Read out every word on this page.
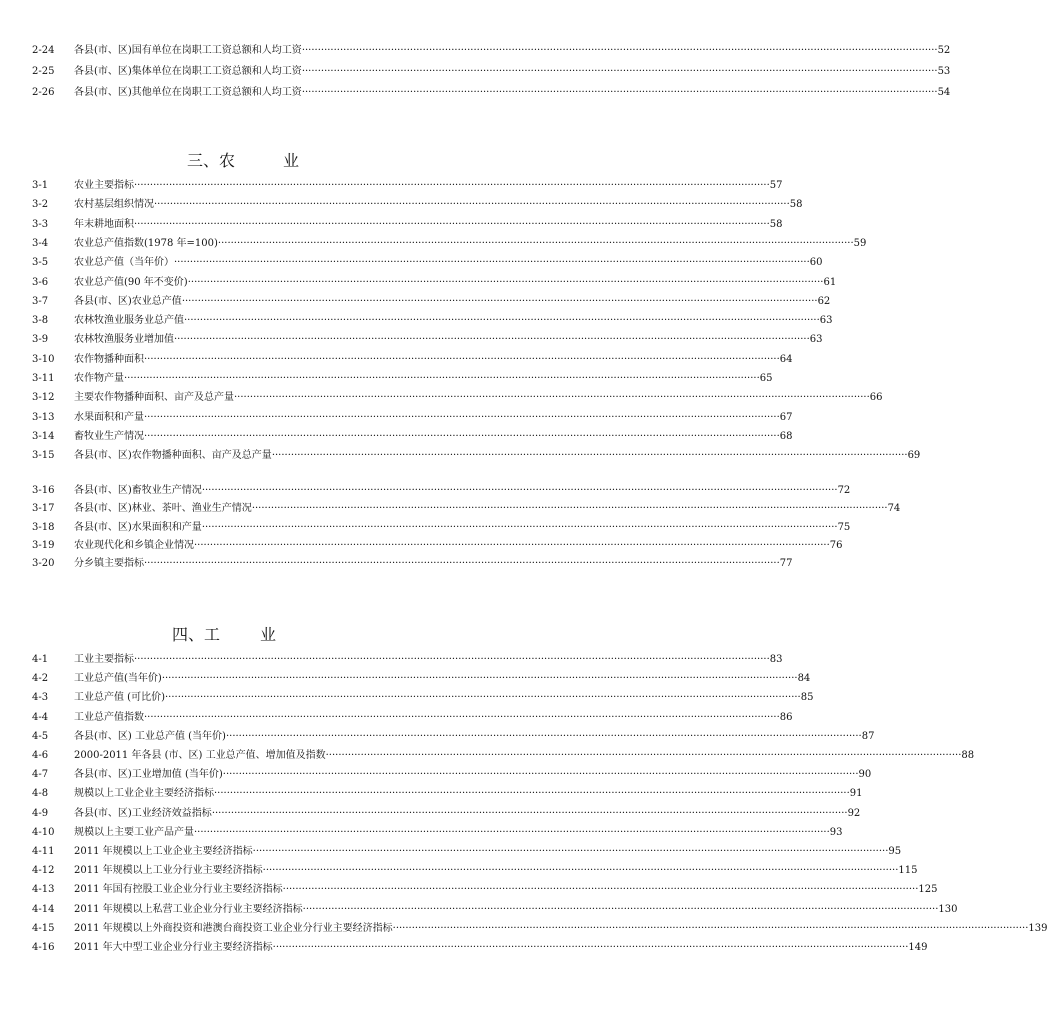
2-24	各县(市、区)国有单位在岗职工工资总额和人均工资 ········································································································································································································ 52
2-25	各县(市、区)集体单位在岗职工工资总额和人均工资 ········································································································································································································ 53
2-26	各县(市、区)其他单位在岗职工工资总额和人均工资 ········································································································································································································ 54
3-1	农业主要指标 ········································································································································································································ 57
3-2	农村基层组织情况 ········································································································································································································ 58
3-3	年末耕地面积 ········································································································································································································ 58
3-4	农业总产值指数(1978 年=100) ········································································································································································································ 59
3-5	农业总产值（当年价） ········································································································································································································ 60
3-6	农业总产值(90 年不变价) ········································································································································································································ 61
3-7	各县(市、区)农业总产值 ········································································································································································································ 62
3-8	农林牧渔业服务业总产值 ········································································································································································································ 63
3-9	农林牧渔服务业增加值 ········································································································································································································ 63
3-10	农作物播种面积 ········································································································································································································ 64
3-11	农作物产量 ········································································································································································································ 65
3-12	主要农作物播种面积、亩产及总产量 ········································································································································································································ 66
3-13	水果面积和产量 ········································································································································································································ 67
3-14	畜牧业生产情况 ········································································································································································································ 68
3-15	各县(市、区)农作物播种面积、亩产及总产量 ········································································································································································································ 69
3-16	各县(市、区)畜牧业生产情况 ········································································································································································································ 72
3-17	各县(市、区)林业、茶叶、渔业生产情况 ········································································································································································································ 74
3-18	各县(市、区)水果面积和产量 ········································································································································································································ 75
3-19	农业现代化和乡镇企业情况 ········································································································································································································ 76
3-20	分乡镇主要指标 ········································································································································································································ 77
4-1	工业主要指标 ········································································································································································································ 83
4-2	工业总产值(当年价) ········································································································································································································ 84
4-3	工业总产值 (可比价) ········································································································································································································ 85
4-4	工业总产值指数 ········································································································································································································ 86
4-5	各县(市、区) 工业总产值 (当年价) ········································································································································································································ 87
4-6	2000-2011 年各县 (市、区) 工业总产值、增加值及指数 ········································································································································································································ 88
4-7	各县(市、区)工业增加值 (当年价) ········································································································································································································ 90
4-8	规模以上工业企业主要经济指标 ········································································································································································································ 91
4-9	各县(市、区)工业经济效益指标 ········································································································································································································ 92
4-10	规模以上主要工业产品产量 ········································································································································································································ 93
4-11	2011 年规模以上工业企业主要经济指标 ········································································································································································································ 95
4-12	2011 年规模以上工业分行业主要经济指标 ········································································································································································································ 115
4-13	2011 年国有控股工业企业分行业主要经济指标 ········································································································································································································ 125
4-14	2011 年规模以上私营工业企业分行业主要经济指标 ········································································································································································································ 130
4-15	2011 年规模以上外商投资和港澳台商投资工业企业分行业主要经济指标 ········································································································································································································ 139
4-16	2011 年大中型工业企业分行业主要经济指标 ········································································································································································································ 149
三、农	业
四、工	业
